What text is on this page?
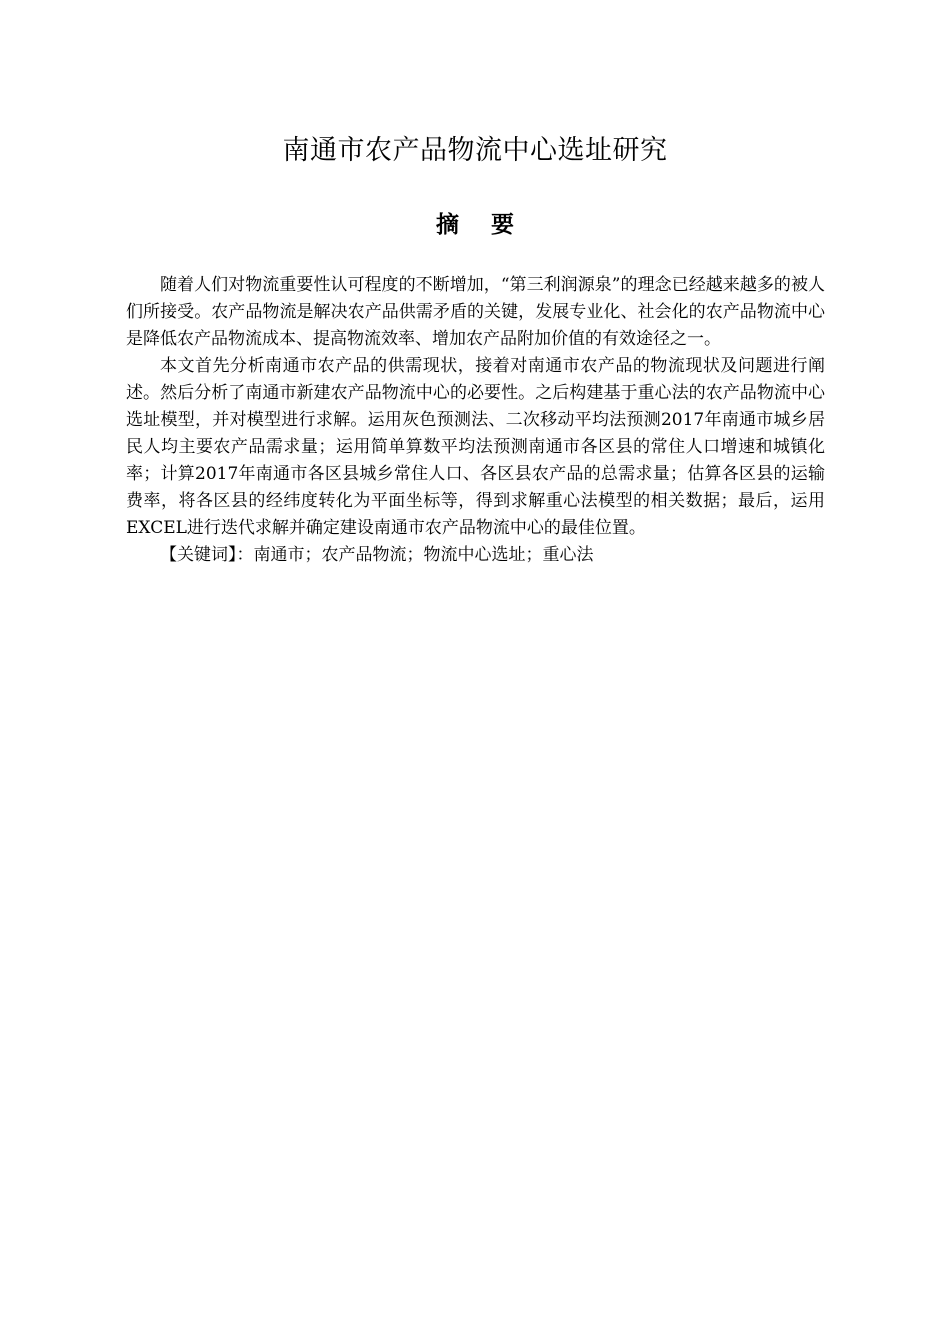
南通市农产品物流中心选址研究
摘 要

随着人们对物流重要性认可程度的不断增加，“第三利润源泉”的理念已经越来越多的被人们所接受。农产品物流是解决农产品供需矛盾的关键，发展专业化、社会化的农产品物流中心是降低农产品物流成本、提高物流效率、增加农产品附加价值的有效途径之一。

本文首先分析南通市农产品的供需现状，接着对南通市农产品的物流现状及问题进行阐述。然后分析了南通市新建农产品物流中心的必要性。之后构建基于重心法的农产品物流中心选址模型，并对模型进行求解。运用灰色预测法、二次移动平均法预测2017年南通市城乡居民人均主要农产品需求量；运用简单算数平均法预测南通市各区县的常住人口增速和城镇化率；计算2017年南通市各区县城乡常住人口、各区县农产品的总需求量；估算各区县的运输费率，将各区县的经纬度转化为平面坐标等，得到求解重心法模型的相关数据；最后，运用EXCEL进行迭代求解并确定建设南通市农产品物流中心的最佳位置。

【关键词】：南通市；农产品物流；物流中心选址；重心法
